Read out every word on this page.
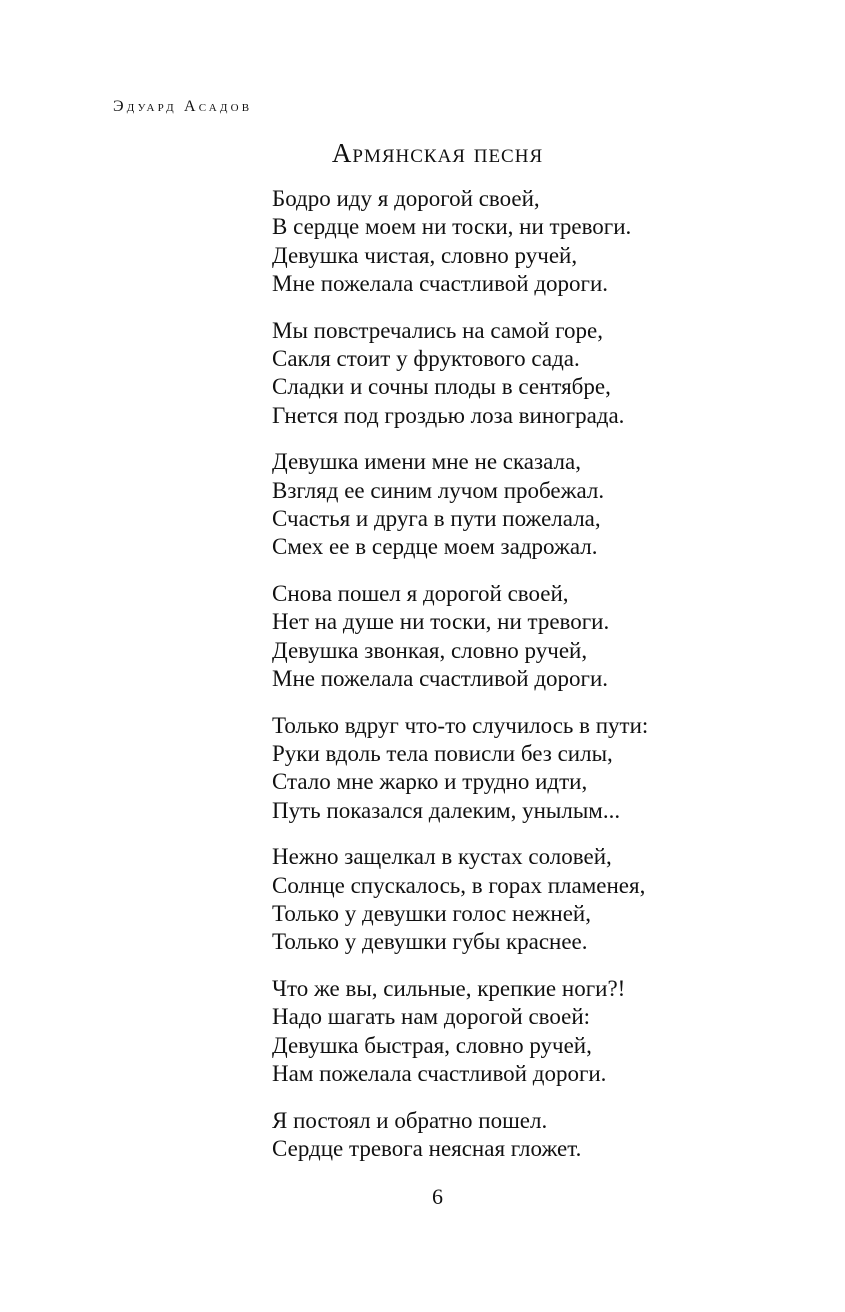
Эдуард Асадов
Армянская песня
Бодро иду я дорогой своей,
В сердце моем ни тоски, ни тревоги.
Девушка чистая, словно ручей,
Мне пожелала счастливой дороги.
Мы повстречались на самой горе,
Сакля стоит у фруктового сада.
Сладки и сочны плоды в сентябре,
Гнется под гроздью лоза винограда.
Девушка имени мне не сказала,
Взгляд ее синим лучом пробежал.
Счастья и друга в пути пожелала,
Смех ее в сердце моем задрожал.
Снова пошел я дорогой своей,
Нет на душе ни тоски, ни тревоги.
Девушка звонкая, словно ручей,
Мне пожелала счастливой дороги.
Только вдруг что-то случилось в пути:
Руки вдоль тела повисли без силы,
Стало мне жарко и трудно идти,
Путь показался далеким, унылым...
Нежно защелкал в кустах соловей,
Солнце спускалось, в горах пламенея,
Только у девушки голос нежней,
Только у девушки губы краснее.
Что же вы, сильные, крепкие ноги?!
Надо шагать нам дорогой своей:
Девушка быстрая, словно ручей,
Нам пожелала счастливой дороги.
Я постоял и обратно пошел.
Сердце тревога неясная гложет.
6
